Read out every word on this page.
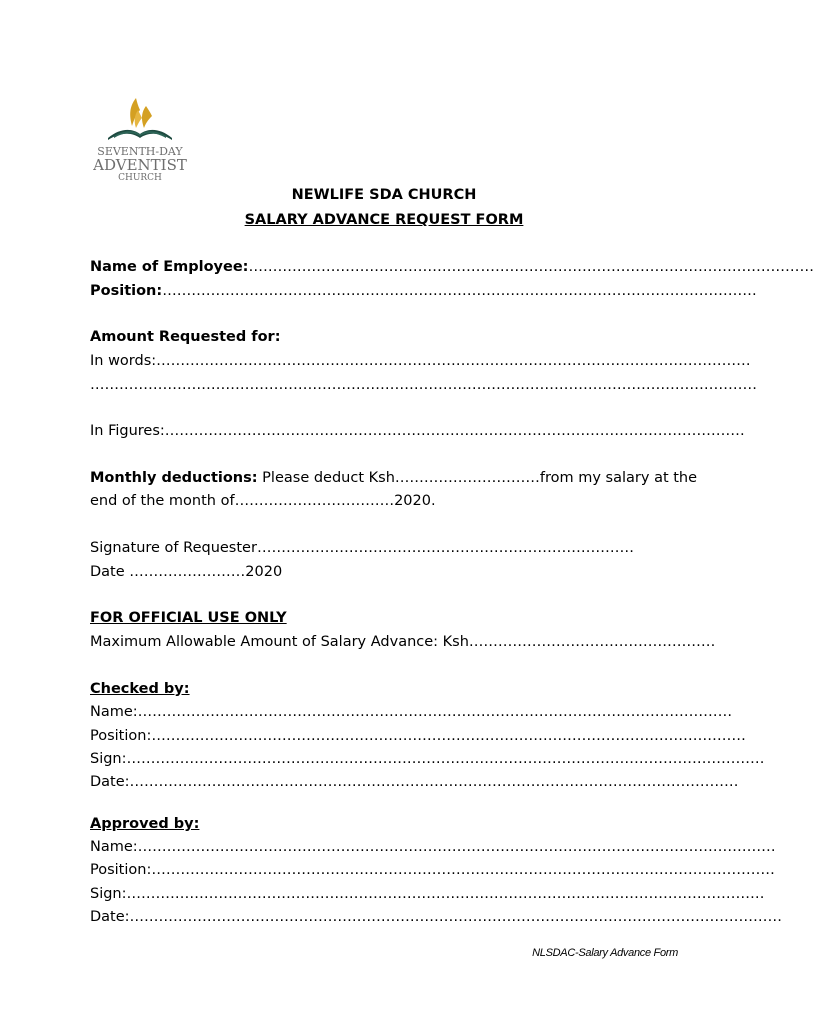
SEVENTH-DAY
ADVENTIST
CHURCH
NEWLIFE SDA CHURCH
SALARY ADVANCE REQUEST FORM
Name of Employee:………………………………………………………………………………………………………
Position:……………………………………………………………………………………………………………
Amount Requested for:
In words:……………………………………………………………………………………………………………
…………………………………………………………………………………………………………………………
In Figures:…………………………………………………………………………………………………………
Monthly deductions: Please deduct Ksh…………………………from my salary at the
end of the month of……………………………2020.
Signature of Requester……………………………………………………………………
Date ……………………2020
FOR OFFICIAL USE ONLY
Maximum Allowable Amount of Salary Advance: Ksh……………………………………………
Checked by:
Name:……………………………………………………………………………………………………………
Position:……………………………………………………………………………………………………………
Sign:……………………………………………………………………………………………………………………
Date:………………………………………………………………………………………………………………
Approved by:
Name:……………………………………………………………………………………………………………………
Position:…………………………………………………………………………………………………………………
Sign:……………………………………………………………………………………………………………………
Date:………………………………………………………………………………………………………………………
NLSDAC-Salary Advance Form
